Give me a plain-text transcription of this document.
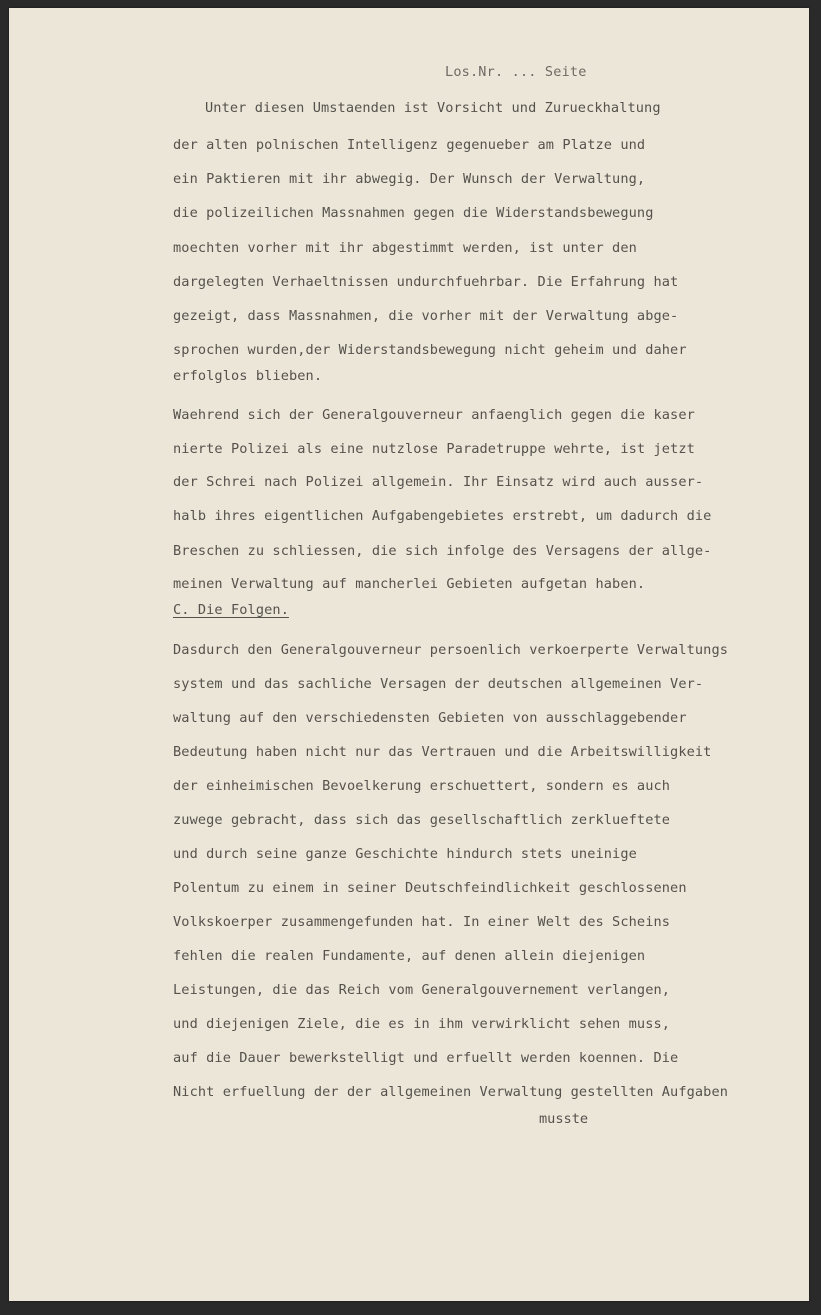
Los.Nr. ... Seite
Unter diesen Umstaenden ist Vorsicht und Zurueckhaltung
der alten polnischen Intelligenz gegenueber am Platze und
ein Paktieren mit ihr abwegig. Der Wunsch der Verwaltung,
die polizeilichen Massnahmen gegen die Widerstandsbewegung
moechten vorher mit ihr abgestimmt werden, ist unter den
dargelegten Verhaeltnissen undurchfuehrbar. Die Erfahrung hat
gezeigt, dass Massnahmen, die vorher mit der Verwaltung abge-
sprochen wurden,der Widerstandsbewegung nicht geheim und daher
erfolglos blieben.
Waehrend sich der Generalgouverneur anfaenglich gegen die kaser
nierte Polizei als eine nutzlose Paradetruppe wehrte, ist jetzt
der Schrei nach Polizei allgemein. Ihr Einsatz wird auch ausser-
halb ihres eigentlichen Aufgabengebietes erstrebt, um dadurch die
Breschen zu schliessen, die sich infolge des Versagens der allge-
meinen Verwaltung auf mancherlei Gebieten aufgetan haben.
C. Die Folgen.
Dasdurch den Generalgouverneur persoenlich verkoerperte Verwaltungs
system und das sachliche Versagen der deutschen allgemeinen Ver-
waltung auf den verschiedensten Gebieten von ausschlaggebender
Bedeutung haben nicht nur das Vertrauen und die Arbeitswilligkeit
der einheimischen Bevoelkerung erschuettert, sondern es auch
zuwege gebracht, dass sich das gesellschaftlich zerklueftete
und durch seine ganze Geschichte hindurch stets uneinige
Polentum zu einem in seiner Deutschfeindlichkeit geschlossenen
Volkskoerper zusammengefunden hat. In einer Welt des Scheins
fehlen die realen Fundamente, auf denen allein diejenigen
Leistungen, die das Reich vom Generalgouvernement verlangen,
und diejenigen Ziele, die es in ihm verwirklicht sehen muss,
auf die Dauer bewerkstelligt und erfuellt werden koennen. Die
Nicht erfuellung der der allgemeinen Verwaltung gestellten Aufgaben
musste
